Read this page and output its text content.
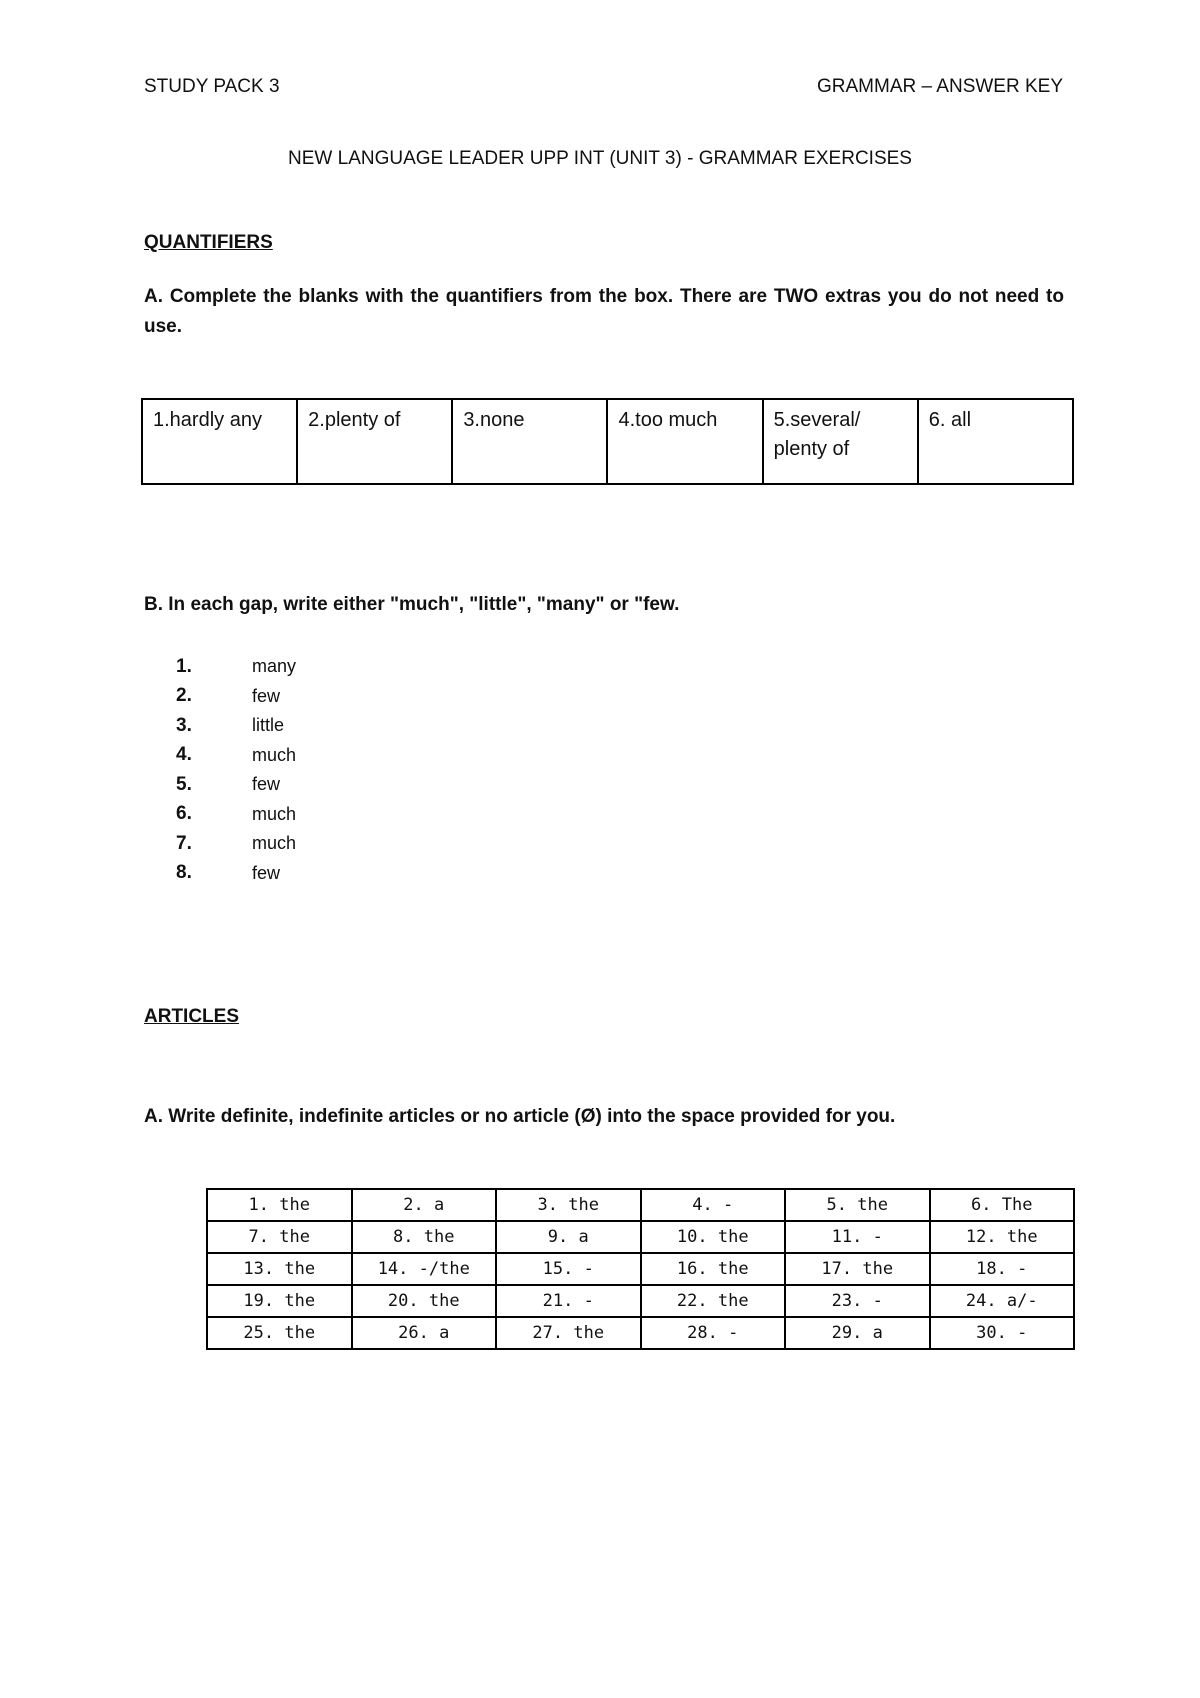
STUDY PACK 3	GRAMMAR – ANSWER KEY
NEW LANGUAGE LEADER UPP INT (UNIT 3) - GRAMMAR EXERCISES
QUANTIFIERS
A. Complete the blanks with the quantifiers from the box. There are TWO extras you do not need to use.
1.hardly any	2.plenty of	3.none	4.too much	5.several/ plenty of	6. all
B. In each gap, write either "much", "little", "many" or "few.
1.	many
2.	few
3.	little
4.	much
5.	few
6.	much
7.	much
8.	few
ARTICLES
A. Write definite, indefinite articles or no article (Ø) into the space provided for you.
1. the	2. a	3. the	4. -	5. the	6. The
7. the	8. the	9. a	10. the	11. -	12. the
13. the	14. -/the	15. -	16. the	17. the	18. -
19. the	20. the	21. -	22. the	23. -	24. a/-
25. the	26. a	27. the	28. -	29. a	30. -
